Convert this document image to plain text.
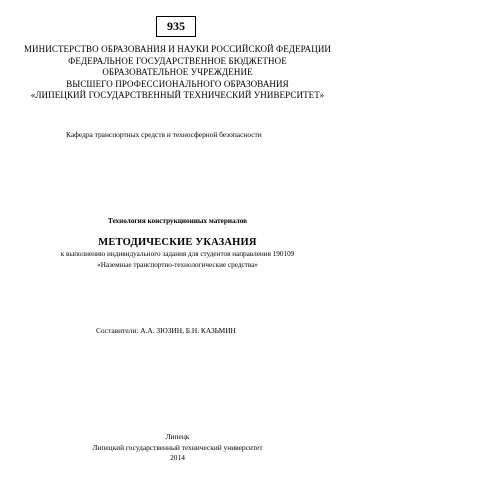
935
МИНИСТЕРСТВО ОБРАЗОВАНИЯ И НАУКИ РОССИЙСКОЙ ФЕДЕРАЦИИ
ФЕДЕРАЛЬНОЕ ГОСУДАРСТВЕННОЕ БЮДЖЕТНОЕ
ОБРАЗОВАТЕЛЬНОЕ УЧРЕЖДЕНИЕ
ВЫСШЕГО ПРОФЕССИОНАЛЬНОГО ОБРАЗОВАНИЯ
«ЛИПЕЦКИЙ ГОСУДАРСТВЕННЫЙ ТЕХНИЧЕСКИЙ УНИВЕРСИТЕТ»
Кафедра транспортных средств и техносферной безопасности
Технология конструкционных материалов
МЕТОДИЧЕСКИЕ УКАЗАНИЯ
к выполнению индивидуального задания для студентов направления 190109
«Наземные транспортно-технологические средства»
Составители: А.А. ЗЮЗИН, Б.Н. КАЗЬМИН
Липецк
Липецкий государственный технический университет
2014
